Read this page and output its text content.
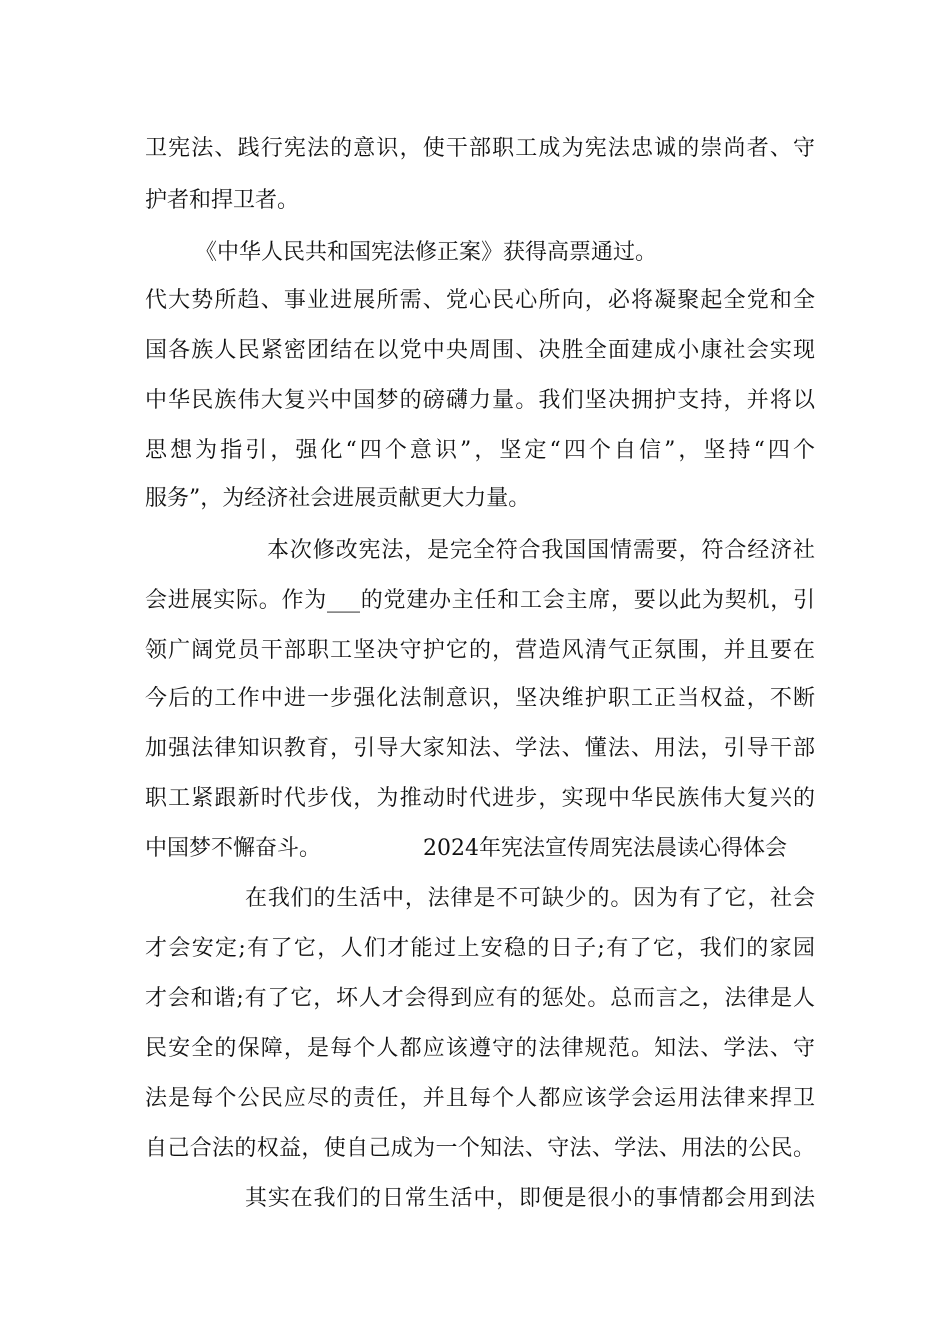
卫宪法、践行宪法的意识，使干部职工成为宪法忠诚的崇尚者、守
护者和捍卫者。
《中华人民共和国宪法修正案》获得高票通过。
代大势所趋、事业进展所需、党心民心所向，必将凝聚起全党和全
国各族人民紧密团结在以党中央周围、决胜全面建成小康社会实现
中华民族伟大复兴中国梦的磅礴力量。我们坚决拥护支持，并将以
思想为指引，强化“四个意识”，坚定“四个自信”，坚持“四个
服务”，为经济社会进展贡献更大力量。
本次修改宪法，是完全符合我国国情需要，符合经济社
会进展实际。作为___的党建办主任和工会主席，要以此为契机，引
领广阔党员干部职工坚决守护它的，营造风清气正氛围，并且要在
今后的工作中进一步强化法制意识，坚决维护职工正当权益，不断
加强法律知识教育，引导大家知法、学法、懂法、用法，引导干部
职工紧跟新时代步伐，为推动时代进步，实现中华民族伟大复兴的
中国梦不懈奋斗。	2024年宪法宣传周宪法晨读心得体会
在我们的生活中，法律是不可缺少的。因为有了它，社会
才会安定;有了它，人们才能过上安稳的日子;有了它，我们的家园
才会和谐;有了它，坏人才会得到应有的惩处。总而言之，法律是人
民安全的保障，是每个人都应该遵守的法律规范。知法、学法、守
法是每个公民应尽的责任，并且每个人都应该学会运用法律来捍卫
自己合法的权益，使自己成为一个知法、守法、学法、用法的公民。
其实在我们的日常生活中，即便是很小的事情都会用到法
